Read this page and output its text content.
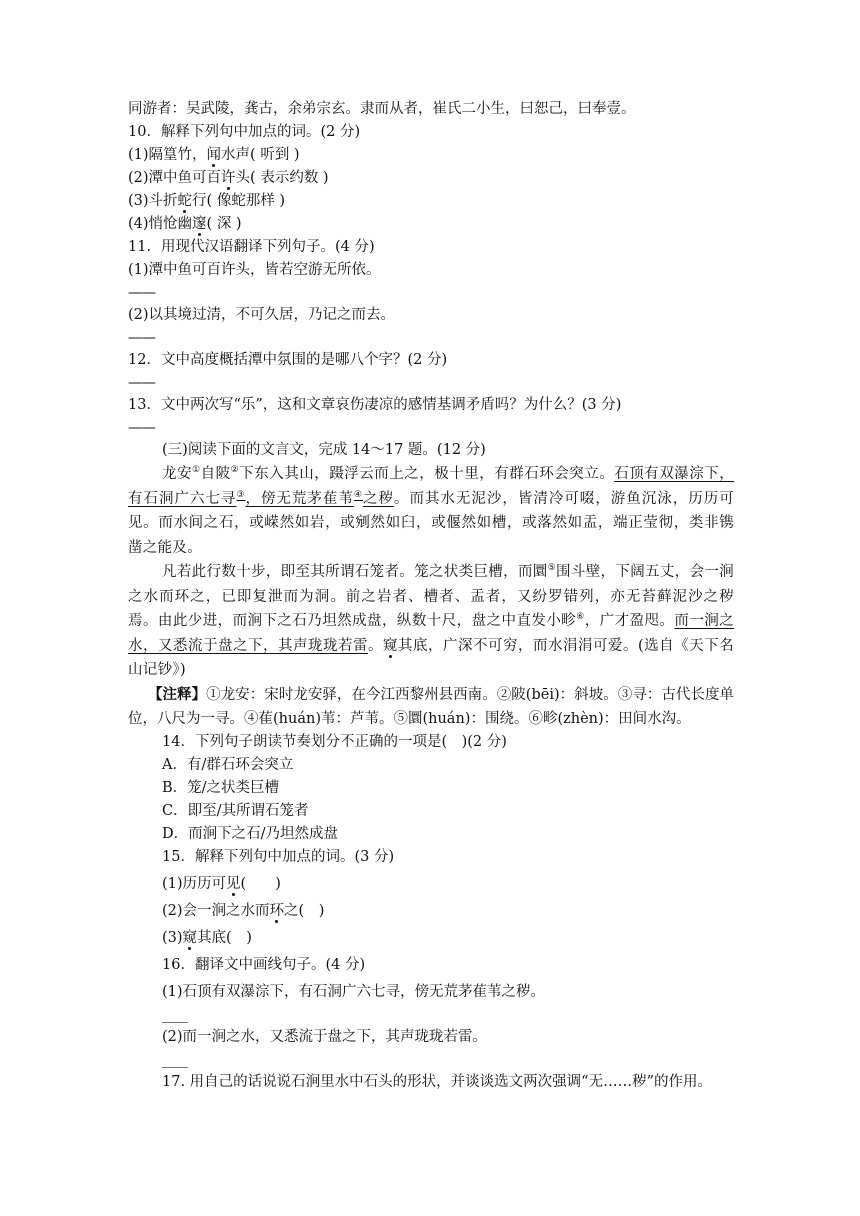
同游者：吴武陵，龚古，余弟宗玄。隶而从者，崔氏二小生，曰恕己，曰奉壹。
10．解释下列句中加点的词。(2 分)
(1)隔篁竹，闻水声( 听到 )
(2)潭中鱼可百许头( 表示约数 )
(3)斗折蛇行( 像蛇那样 )
(4)悄怆幽邃( 深 )
11．用现代汉语翻译下列句子。(4 分)
(1)潭中鱼可百许头，皆若空游无所依。
——
(2)以其境过清，不可久居，乃记之而去。
——
12．文中高度概括潭中氛围的是哪八个字？(2 分)
——
13．文中两次写“乐”，这和文章哀伤凄凉的感情基调矛盾吗？为什么？(3 分)
——
(三)阅读下面的文言文，完成 14～17 题。(12 分)
龙安①自陂②下东入其山，蹑浮云而上之，极十里，有群石环会突立。石顶有双瀑淙下，有石洞广六七寻③，傍无荒茅萑苇④之秽。而其水无泥沙，皆清冷可啜，游鱼沉泳，历历可见。而水间之石，或嵘然如岩，或剜然如臼，或偃然如槽，或落然如盂，端正莹彻，类非镌凿之能及。
凡若此行数十步，即至其所谓石笼者。笼之状类巨槽，而圜⑤围斗壁，下阔五丈，会一涧之水而环之，已即复泄而为洞。前之岩者、槽者、盂者，又纷罗错列，亦无苔藓泥沙之秽焉。由此少进，而涧下之石乃坦然成盘，纵数十尺，盘之中直发小畛⑥，广才盈咫。而一涧之水，又悉流于盘之下，其声珑珑若雷。窥其底，广深不可穷，而水涓涓可爱。(选自《天下名山记钞》)
【注释】①龙安：宋时龙安驿，在今江西黎州县西南。②陂(bēi)：斜坡。③寻：古代长度单位，八尺为一寻。④萑(huán)苇：芦苇。⑤圜(huán)：围绕。⑥畛(zhèn)：田间水沟。
14．下列句子朗读节奏划分不正确的一项是(　)(2 分)
A．有/群石环会突立
B．笼/之状类巨槽
C．即至/其所谓石笼者
D．而涧下之石/乃坦然成盘
15．解释下列句中加点的词。(3 分)
(1)历历可见(　　)
(2)会一涧之水而环之(　)
(3)窥其底(　)
16．翻译文中画线句子。(4 分)
(1)石顶有双瀑淙下，有石洞广六七寻，傍无荒茅萑苇之秽。
____
(2)而一涧之水，又悉流于盘之下，其声珑珑若雷。
____
17. 用自己的话说说石涧里水中石头的形状，并谈谈选文两次强调“无……秽”的作用。
